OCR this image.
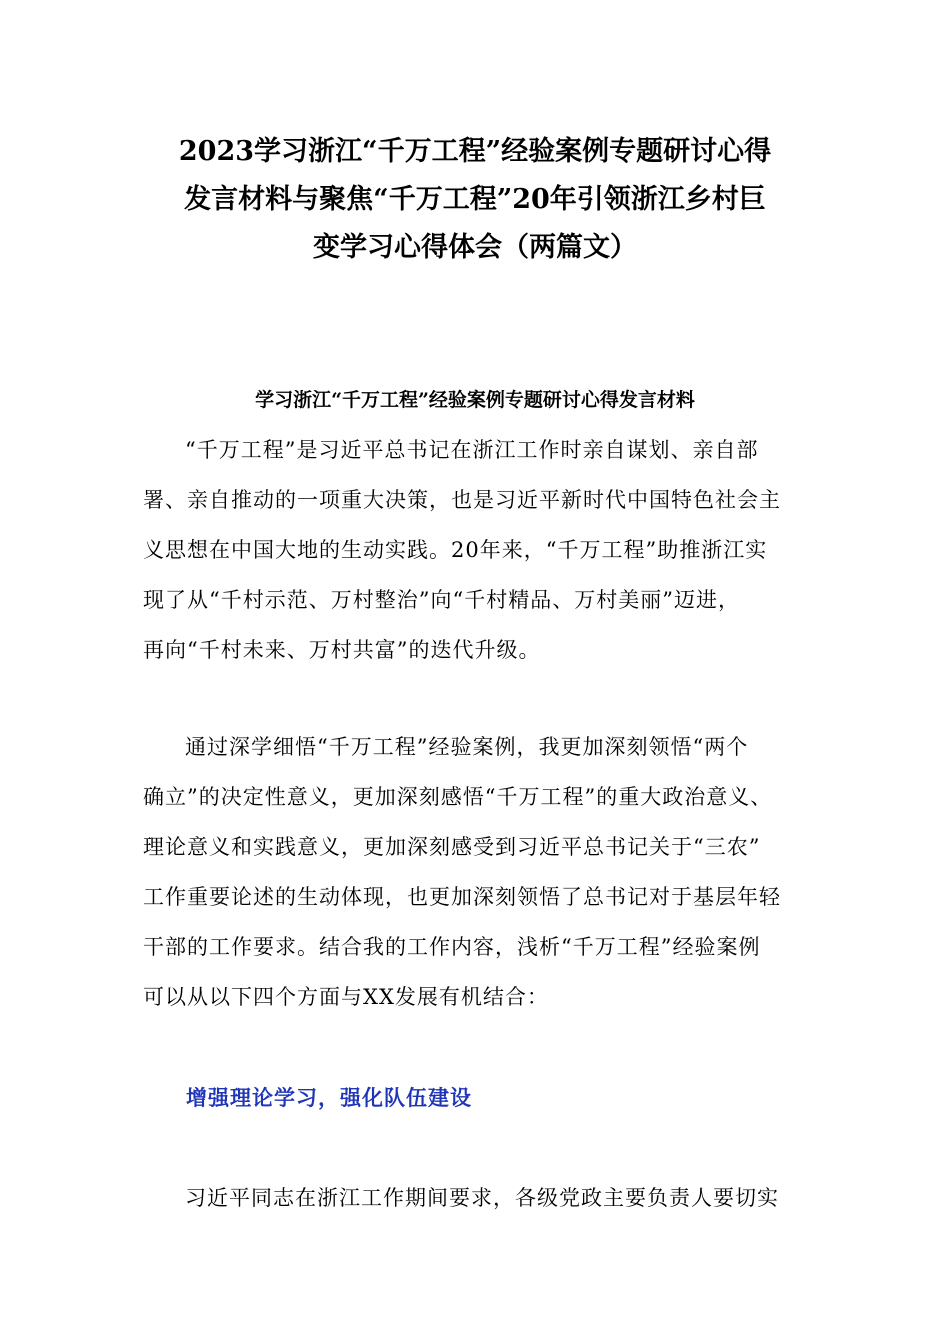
2023学习浙江“千万工程”经验案例专题研讨心得
发言材料与聚焦“千万工程”20年引领浙江乡村巨
变学习心得体会（两篇文）
学习浙江“千万工程”经验案例专题研讨心得发言材料

“千万工程”是习近平总书记在浙江工作时亲自谋划、亲自部
署、亲自推动的一项重大决策，也是习近平新时代中国特色社会主
义思想在中国大地的生动实践。20年来，“千万工程”助推浙江实
现了从“千村示范、万村整治”向“千村精品、万村美丽”迈进，
再向“千村未来、万村共富”的迭代升级。

通过深学细悟“千万工程”经验案例，我更加深刻领悟“两个
确立”的决定性意义，更加深刻感悟“千万工程”的重大政治意义、
理论意义和实践意义，更加深刻感受到习近平总书记关于“三农”
工作重要论述的生动体现，也更加深刻领悟了总书记对于基层年轻
干部的工作要求。结合我的工作内容，浅析“千万工程”经验案例
可以从以下四个方面与XX发展有机结合：

增强理论学习，强化队伍建设

习近平同志在浙江工作期间要求，各级党政主要负责人要切实
